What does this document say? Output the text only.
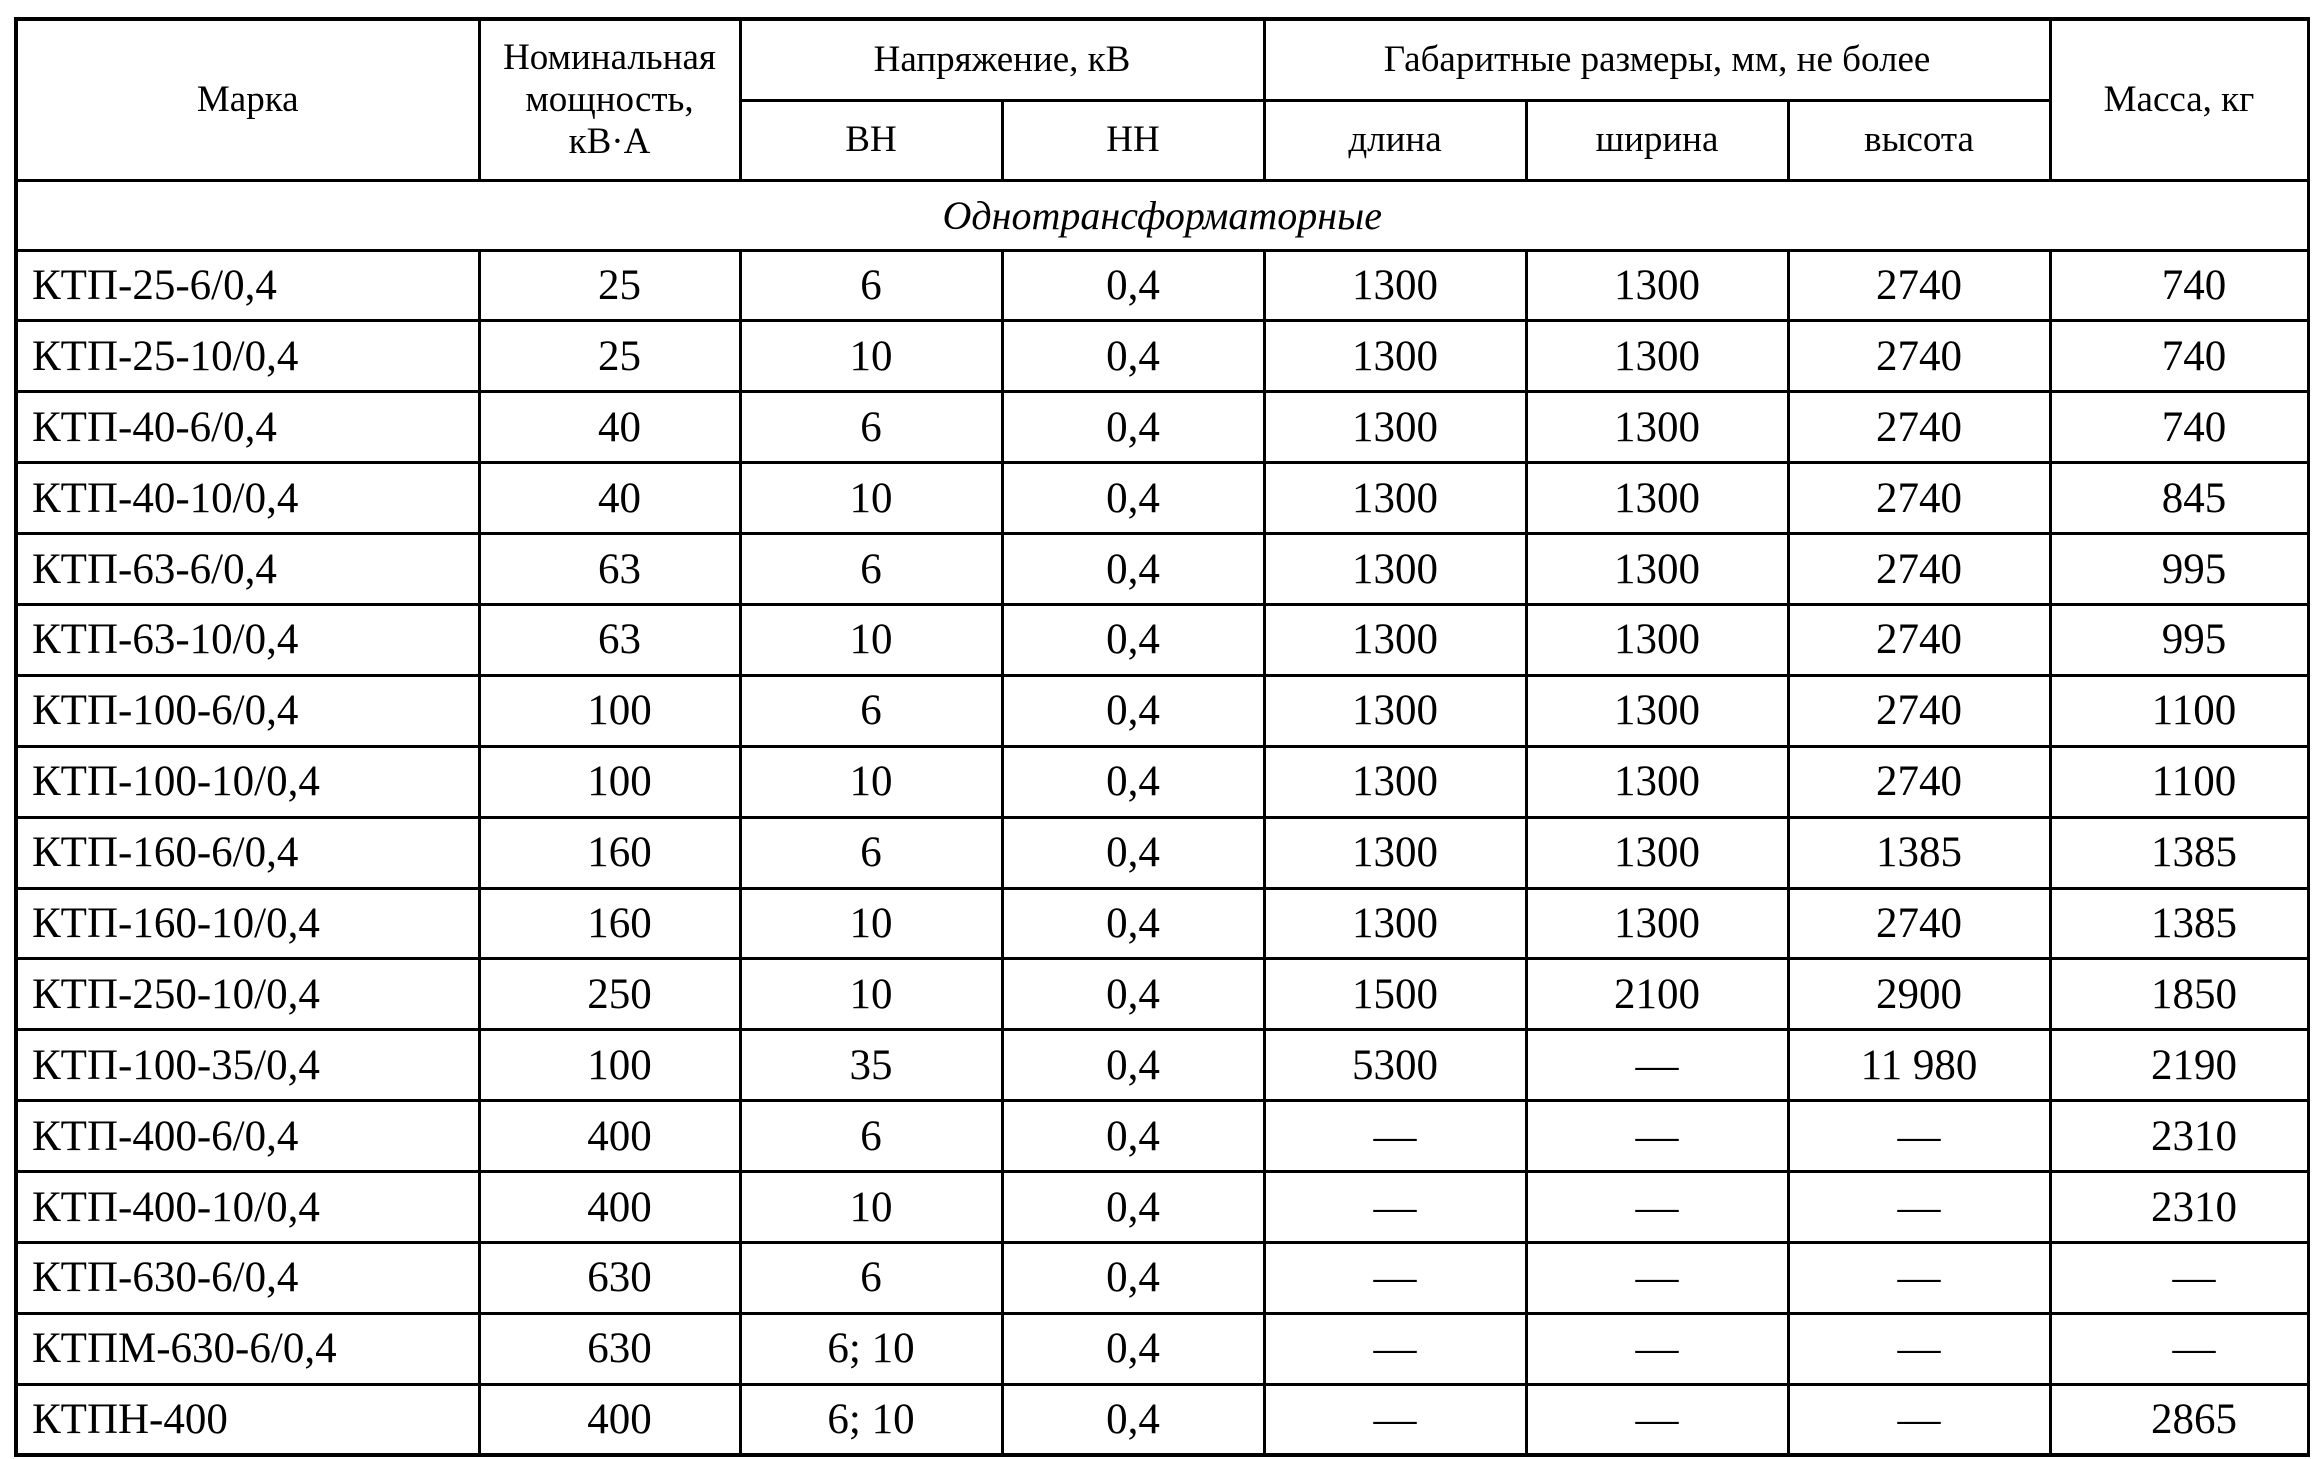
Марка	Номинальная мощность, кВ·А	Напряжение, кВ		Габаритные размеры, мм, не более			Масса, кг
		ВН	НН	длина	ширина	высота	
Однотрансформаторные							
КТП-25-6/0,4	25	6	0,4	1300	1300	2740	740
КТП-25-10/0,4	25	10	0,4	1300	1300	2740	740
КТП-40-6/0,4	40	6	0,4	1300	1300	2740	740
КТП-40-10/0,4	40	10	0,4	1300	1300	2740	845
КТП-63-6/0,4	63	6	0,4	1300	1300	2740	995
КТП-63-10/0,4	63	10	0,4	1300	1300	2740	995
КТП-100-6/0,4	100	6	0,4	1300	1300	2740	1100
КТП-100-10/0,4	100	10	0,4	1300	1300	2740	1100
КТП-160-6/0,4	160	6	0,4	1300	1300	1385	1385
КТП-160-10/0,4	160	10	0,4	1300	1300	2740	1385
КТП-250-10/0,4	250	10	0,4	1500	2100	2900	1850
КТП-100-35/0,4	100	35	0,4	5300	—	11 980	2190
КТП-400-6/0,4	400	6	0,4	—	—	—	2310
КТП-400-10/0,4	400	10	0,4	—	—	—	2310
КТП-630-6/0,4	630	6	0,4	—	—	—	—
КТПМ-630-6/0,4	630	6; 10	0,4	—	—	—	—
КТПН-400	400	6; 10	0,4	—	—	—	2865
